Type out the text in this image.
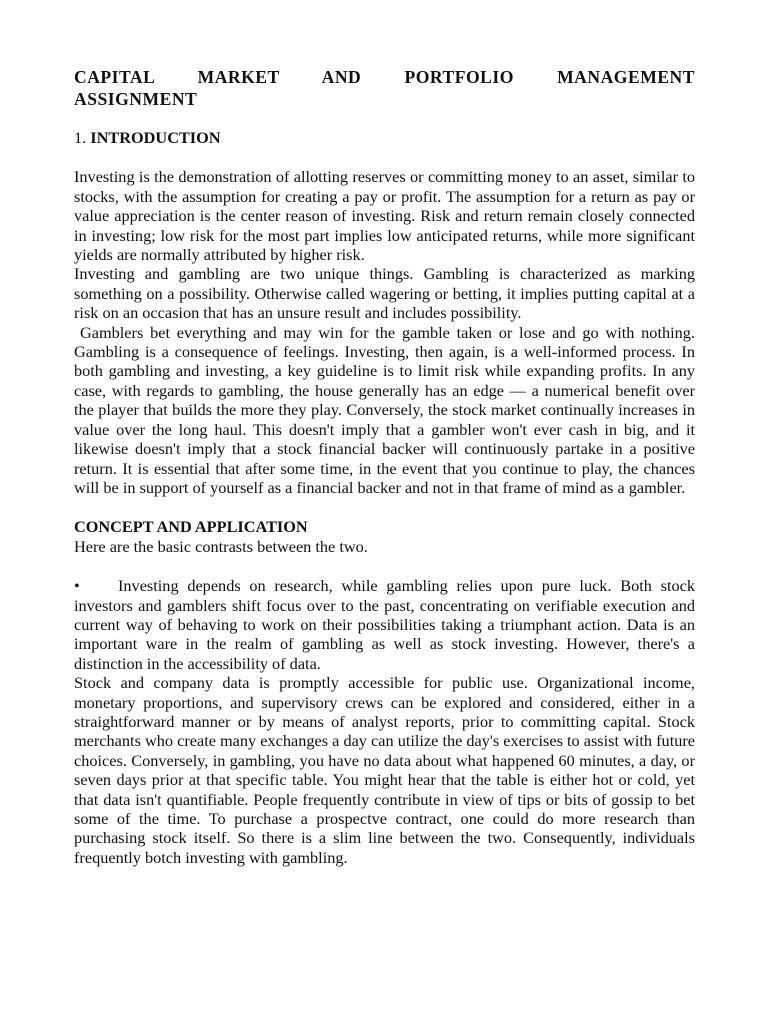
CAPITAL MARKET AND PORTFOLIO MANAGEMENT
ASSIGNMENT

1. INTRODUCTION

Investing is the demonstration of allotting reserves or committing money to an asset, similar to stocks, with the assumption for creating a pay or profit. The assumption for a return as pay or value appreciation is the center reason of investing. Risk and return remain closely connected in investing; low risk for the most part implies low anticipated returns, while more significant yields are normally attributed by higher risk.

Investing and gambling are two unique things. Gambling is characterized as marking something on a possibility. Otherwise called wagering or betting, it implies putting capital at a risk on an occasion that has an unsure result and includes possibility.

Gamblers bet everything and may win for the gamble taken or lose and go with nothing. Gambling is a consequence of feelings. Investing, then again, is a well-informed process. In both gambling and investing, a key guideline is to limit risk while expanding profits. In any case, with regards to gambling, the house generally has an edge — a numerical benefit over the player that builds the more they play. Conversely, the stock market continually increases in value over the long haul. This doesn't imply that a gambler won't ever cash in big, and it likewise doesn't imply that a stock financial backer will continuously partake in a positive return. It is essential that after some time, in the event that you continue to play, the chances will be in support of yourself as a financial backer and not in that frame of mind as a gambler.

CONCEPT AND APPLICATION

Here are the basic contrasts between the two.

• Investing depends on research, while gambling relies upon pure luck. Both stock investors and gamblers shift focus over to the past, concentrating on verifiable execution and current way of behaving to work on their possibilities taking a triumphant action. Data is an important ware in the realm of gambling as well as stock investing. However, there's a distinction in the accessibility of data.

Stock and company data is promptly accessible for public use. Organizational income, monetary proportions, and supervisory crews can be explored and considered, either in a straightforward manner or by means of analyst reports, prior to committing capital. Stock merchants who create many exchanges a day can utilize the day's exercises to assist with future choices. Conversely, in gambling, you have no data about what happened 60 minutes, a day, or seven days prior at that specific table. You might hear that the table is either hot or cold, yet that data isn't quantifiable. People frequently contribute in view of tips or bits of gossip to bet some of the time. To purchase a prospectve contract, one could do more research than purchasing stock itself. So there is a slim line between the two. Consequently, individuals frequently botch investing with gambling.
